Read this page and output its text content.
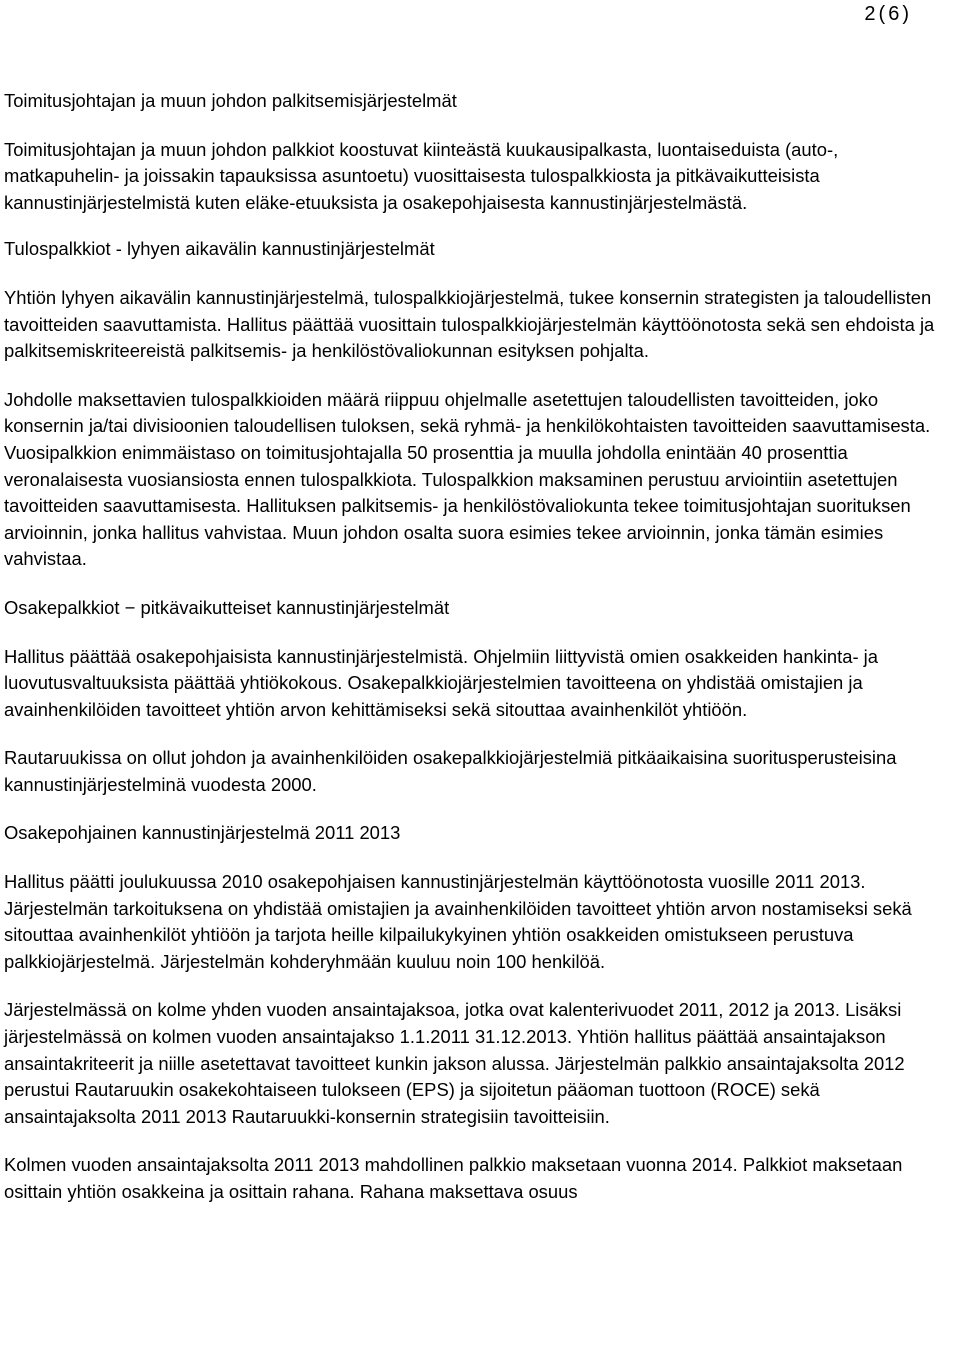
2(6)

Toimitusjohtajan ja muun johdon palkitsemisjärjestelmät

Toimitusjohtajan ja muun johdon palkkiot koostuvat kiinteästä kuukausipalkasta, luontaiseduista (auto-, matkapuhelin- ja joissakin tapauksissa asuntoetu) vuosittaisesta tulospalkkiosta ja pitkävaikutteisista kannustinjärjestelmistä kuten eläke-etuuksista ja osakepohjaisesta kannustinjärjestelmästä.

Tulospalkkiot - lyhyen aikavälin kannustinjärjestelmät

Yhtiön lyhyen aikavälin kannustinjärjestelmä, tulospalkkiojärjestelmä, tukee konsernin strategisten ja taloudellisten tavoitteiden saavuttamista. Hallitus päättää vuosittain tulospalkkiojärjestelmän käyttöönotosta sekä sen ehdoista ja palkitsemiskriteereistä palkitsemis- ja henkilöstövaliokunnan esityksen pohjalta.

Johdolle maksettavien tulospalkkioiden määrä riippuu ohjelmalle asetettujen taloudellisten tavoitteiden, joko konsernin ja/tai divisioonien taloudellisen tuloksen, sekä ryhmä- ja henkilökohtaisten tavoitteiden saavuttamisesta. Vuosipalkkion enimmäistaso on toimitusjohtajalla 50 prosenttia ja muulla johdolla enintään 40 prosenttia veronalaisesta vuosiansiosta ennen tulospalkkiota. Tulospalkkion maksaminen perustuu arviointiin asetettujen tavoitteiden saavuttamisesta. Hallituksen palkitsemis- ja henkilöstövaliokunta tekee toimitusjohtajan suorituksen arvioinnin, jonka hallitus vahvistaa. Muun johdon osalta suora esimies tekee arvioinnin, jonka tämän esimies vahvistaa.

Osakepalkkiot − pitkävaikutteiset kannustinjärjestelmät

Hallitus päättää osakepohjaisista kannustinjärjestelmistä. Ohjelmiin liittyvistä omien osakkeiden hankinta- ja luovutusvaltuuksista päättää yhtiökokous. Osakepalkkiojärjestelmien tavoitteena on yhdistää omistajien ja avainhenkilöiden tavoitteet yhtiön arvon kehittämiseksi sekä sitouttaa avainhenkilöt yhtiöön.

Rautaruukissa on ollut johdon ja avainhenkilöiden osakepalkkiojärjestelmiä pitkäaikaisina suoritusperusteisina kannustinjärjestelminä vuodesta 2000.

Osakepohjainen kannustinjärjestelmä 2011 2013

Hallitus päätti joulukuussa 2010 osakepohjaisen kannustinjärjestelmän käyttöönotosta vuosille 2011 2013. Järjestelmän tarkoituksena on yhdistää omistajien ja avainhenkilöiden tavoitteet yhtiön arvon nostamiseksi sekä sitouttaa avainhenkilöt yhtiöön ja tarjota heille kilpailukykyinen yhtiön osakkeiden omistukseen perustuva palkkiojärjestelmä. Järjestelmän kohderyhmään kuuluu noin 100 henkilöä.

Järjestelmässä on kolme yhden vuoden ansaintajaksoa, jotka ovat kalenterivuodet 2011, 2012 ja 2013. Lisäksi järjestelmässä on kolmen vuoden ansaintajakso 1.1.2011 31.12.2013. Yhtiön hallitus päättää ansaintajakson ansaintakriteerit ja niille asetettavat tavoitteet kunkin jakson alussa. Järjestelmän palkkio ansaintajaksolta 2012 perustui Rautaruukin osakekohtaiseen tulokseen (EPS) ja sijoitetun pääoman tuottoon (ROCE) sekä ansaintajaksolta 2011 2013 Rautaruukki-konsernin strategisiin tavoitteisiin.

Kolmen vuoden ansaintajaksolta 2011 2013 mahdollinen palkkio maksetaan vuonna 2014. Palkkiot maksetaan osittain yhtiön osakkeina ja osittain rahana. Rahana maksettava osuus
